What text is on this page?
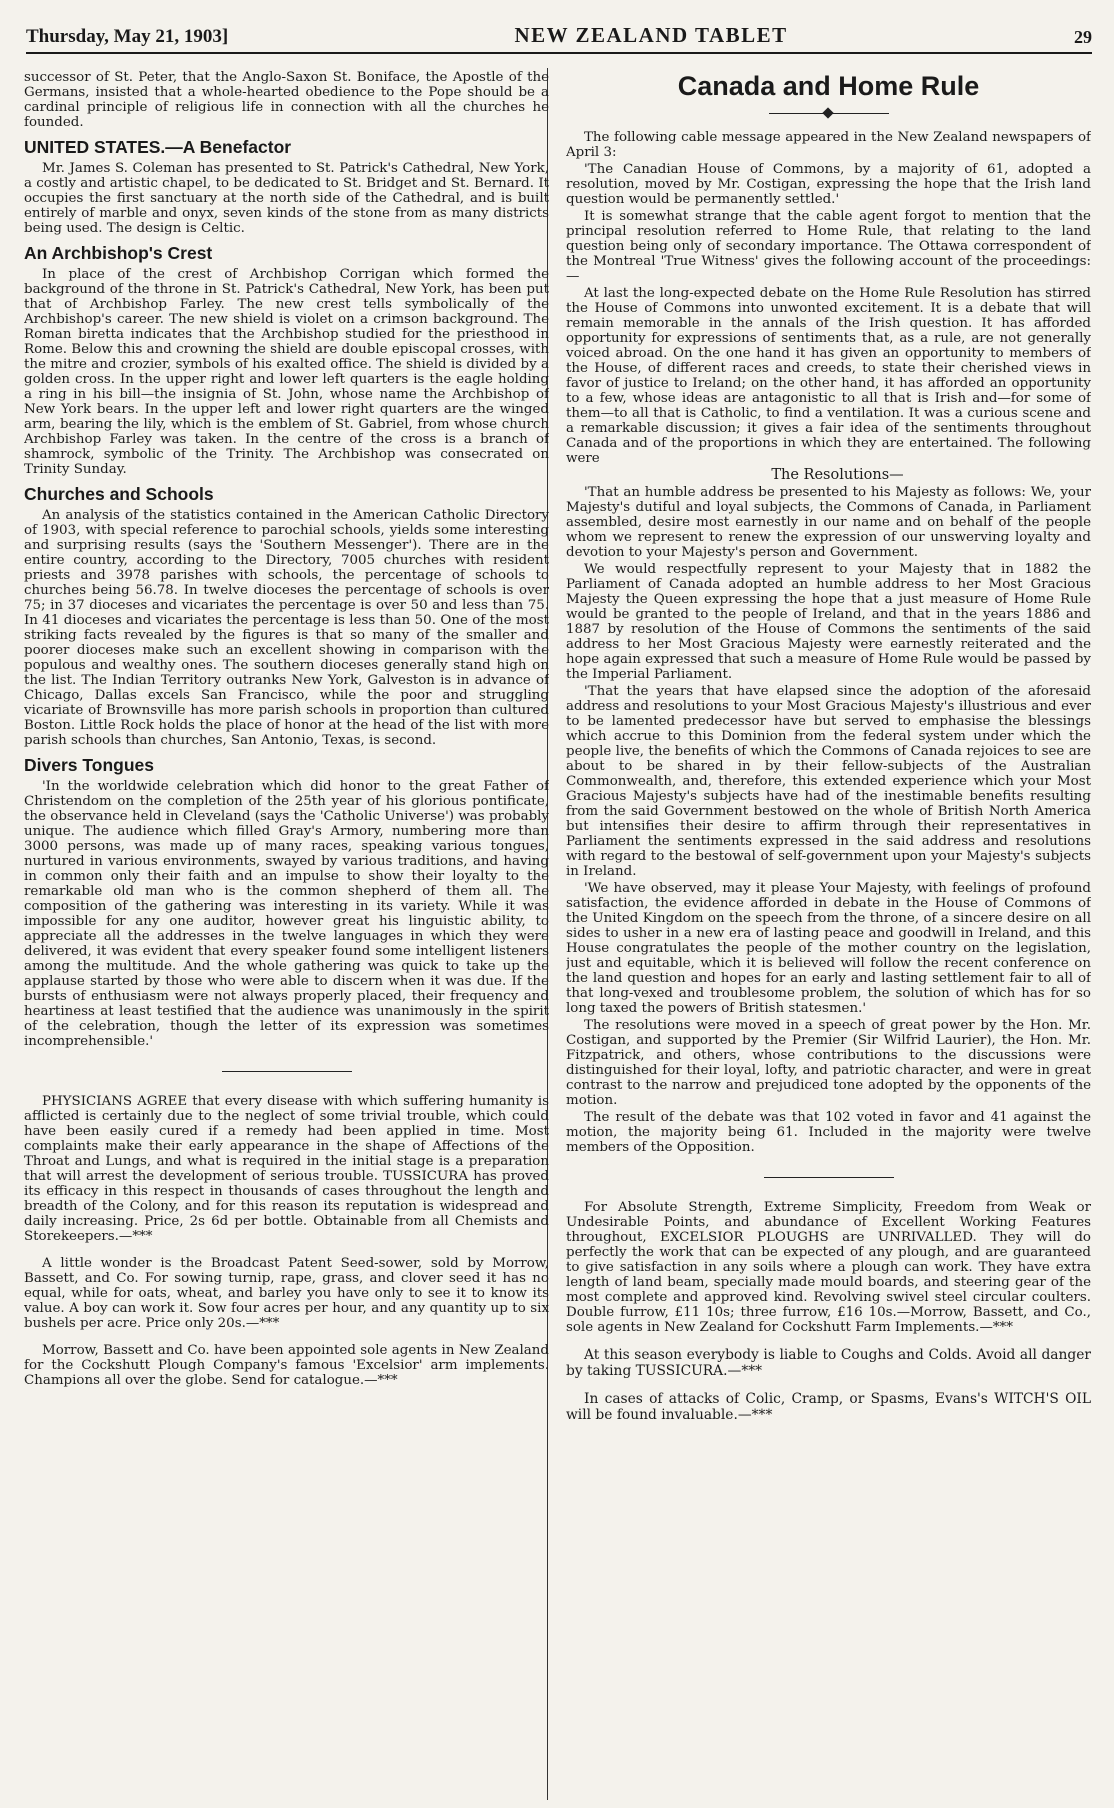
Thursday, May 21, 1903]	NEW ZEALAND TABLET	29

successor of St. Peter, that the Anglo-Saxon St. Boniface, the Apostle of the Germans, insisted that a whole-hearted obedience to the Pope should be a cardinal principle of religious life in connection with all the churches he founded.

UNITED STATES.—A Benefactor

Mr. James S. Coleman has presented to St. Patrick's Cathedral, New York, a costly and artistic chapel, to be dedicated to St. Bridget and St. Bernard. It occupies the first sanctuary at the north side of the Cathedral, and is built entirely of marble and onyx, seven kinds of the stone from as many districts being used. The design is Celtic.

An Archbishop's Crest

In place of the crest of Archbishop Corrigan which formed the background of the throne in St. Patrick's Cathedral, New York, has been put that of Archbishop Farley. The new crest tells symbolically of the Archbishop's career. The new shield is violet on a crimson background. The Roman biretta indicates that the Archbishop studied for the priesthood in Rome. Below this and crowning the shield are double episcopal crosses, with the mitre and crozier, symbols of his exalted office. The shield is divided by a golden cross. In the upper right and lower left quarters is the eagle holding a ring in his bill—the insignia of St. John, whose name the Archbishop of New York bears. In the upper left and lower right quarters are the winged arm, bearing the lily, which is the emblem of St. Gabriel, from whose church Archbishop Farley was taken. In the centre of the cross is a branch of shamrock, symbolic of the Trinity. The Archbishop was consecrated on Trinity Sunday.

Churches and Schools

An analysis of the statistics contained in the American Catholic Directory of 1903, with special reference to parochial schools, yields some interesting and surprising results (says the 'Southern Messenger'). There are in the entire country, according to the Directory, 7005 churches with resident priests and 3978 parishes with schools, the percentage of schools to churches being 56.78. In twelve dioceses the percentage of schools is over 75; in 37 dioceses and vicariates the percentage is over 50 and less than 75. In 41 dioceses and vicariates the percentage is less than 50. One of the most striking facts revealed by the figures is that so many of the smaller and poorer dioceses make such an excellent showing in comparison with the populous and wealthy ones. The southern dioceses generally stand high on the list. The Indian Territory outranks New York, Galveston is in advance of Chicago, Dallas excels San Francisco, while the poor and struggling vicariate of Brownsville has more parish schools in proportion than cultured Boston. Little Rock holds the place of honor at the head of the list with more parish schools than churches, San Antonio, Texas, is second.

Divers Tongues

'In the worldwide celebration which did honor to the great Father of Christendom on the completion of the 25th year of his glorious pontificate, the observance held in Cleveland (says the 'Catholic Universe') was probably unique. The audience which filled Gray's Armory, numbering more than 3000 persons, was made up of many races, speaking various tongues, nurtured in various environments, swayed by various traditions, and having in common only their faith and an impulse to show their loyalty to the remarkable old man who is the common shepherd of them all. The composition of the gathering was interesting in its variety. While it was impossible for any one auditor, however great his linguistic ability, to appreciate all the addresses in the twelve languages in which they were delivered, it was evident that every speaker found some intelligent listeners among the multitude. And the whole gathering was quick to take up the applause started by those who were able to discern when it was due. If the bursts of enthusiasm were not always properly placed, their frequency and heartiness at least testified that the audience was unanimously in the spirit of the celebration, though the letter of its expression was sometimes incomprehensible.'

PHYSICIANS AGREE that every disease with which suffering humanity is afflicted is certainly due to the neglect of some trivial trouble, which could have been easily cured if a remedy had been applied in time. Most complaints make their early appearance in the shape of Affections of the Throat and Lungs, and what is required in the initial stage is a preparation that will arrest the development of serious trouble. TUSSICURA has proved its efficacy in this respect in thousands of cases throughout the length and breadth of the Colony, and for this reason its reputation is widespread and daily increasing. Price, 2s 6d per bottle. Obtainable from all Chemists and Storekeepers.—***

A little wonder is the Broadcast Patent Seed-sower, sold by Morrow, Bassett, and Co. For sowing turnip, rape, grass, and clover seed it has no equal, while for oats, wheat, and barley you have only to see it to know its value. A boy can work it. Sow four acres per hour, and any quantity up to six bushels per acre. Price only 20s.—***

Morrow, Bassett and Co. have been appointed sole agents in New Zealand for the Cockshutt Plough Company's famous 'Excelsior' arm implements. Champions all over the globe. Send for catalogue.—***

Canada and Home Rule

The following cable message appeared in the New Zealand newspapers of April 3:

'The Canadian House of Commons, by a majority of 61, adopted a resolution, moved by Mr. Costigan, expressing the hope that the Irish land question would be permanently settled.'

It is somewhat strange that the cable agent forgot to mention that the principal resolution referred to Home Rule, that relating to the land question being only of secondary importance. The Ottawa correspondent of the Montreal 'True Witness' gives the following account of the proceedings:—

At last the long-expected debate on the Home Rule Resolution has stirred the House of Commons into unwonted excitement. It is a debate that will remain memorable in the annals of the Irish question. It has afforded opportunity for expressions of sentiments that, as a rule, are not generally voiced abroad. On the one hand it has given an opportunity to members of the House, of different races and creeds, to state their cherished views in favor of justice to Ireland; on the other hand, it has afforded an opportunity to a few, whose ideas are antagonistic to all that is Irish and—for some of them—to all that is Catholic, to find a ventilation. It was a curious scene and a remarkable discussion; it gives a fair idea of the sentiments throughout Canada and of the proportions in which they are entertained. The following were

The Resolutions—

'That an humble address be presented to his Majesty as follows: We, your Majesty's dutiful and loyal subjects, the Commons of Canada, in Parliament assembled, desire most earnestly in our name and on behalf of the people whom we represent to renew the expression of our unswerving loyalty and devotion to your Majesty's person and Government.

We would respectfully represent to your Majesty that in 1882 the Parliament of Canada adopted an humble address to her Most Gracious Majesty the Queen expressing the hope that a just measure of Home Rule would be granted to the people of Ireland, and that in the years 1886 and 1887 by resolution of the House of Commons the sentiments of the said address to her Most Gracious Majesty were earnestly reiterated and the hope again expressed that such a measure of Home Rule would be passed by the Imperial Parliament.

'That the years that have elapsed since the adoption of the aforesaid address and resolutions to your Most Gracious Majesty's illustrious and ever to be lamented predecessor have but served to emphasise the blessings which accrue to this Dominion from the federal system under which the people live, the benefits of which the Commons of Canada rejoices to see are about to be shared in by their fellow-subjects of the Australian Commonwealth, and, therefore, this extended experience which your Most Gracious Majesty's subjects have had of the inestimable benefits resulting from the said Government bestowed on the whole of British North America but intensifies their desire to affirm through their representatives in Parliament the sentiments expressed in the said address and resolutions with regard to the bestowal of self-government upon your Majesty's subjects in Ireland.

'We have observed, may it please Your Majesty, with feelings of profound satisfaction, the evidence afforded in debate in the House of Commons of the United Kingdom on the speech from the throne, of a sincere desire on all sides to usher in a new era of lasting peace and goodwill in Ireland, and this House congratulates the people of the mother country on the legislation, just and equitable, which it is believed will follow the recent conference on the land question and hopes for an early and lasting settlement fair to all of that long-vexed and troublesome problem, the solution of which has for so long taxed the powers of British statesmen.'

The resolutions were moved in a speech of great power by the Hon. Mr. Costigan, and supported by the Premier (Sir Wilfrid Laurier), the Hon. Mr. Fitzpatrick, and others, whose contributions to the discussions were distinguished for their loyal, lofty, and patriotic character, and were in great contrast to the narrow and prejudiced tone adopted by the opponents of the motion.

The result of the debate was that 102 voted in favor and 41 against the motion, the majority being 61. Included in the majority were twelve members of the Opposition.

For Absolute Strength, Extreme Simplicity, Freedom from Weak or Undesirable Points, and abundance of Excellent Working Features throughout, EXCELSIOR PLOUGHS are UNRIVALLED. They will do perfectly the work that can be expected of any plough, and are guaranteed to give satisfaction in any soils where a plough can work. They have extra length of land beam, specially made mould boards, and steering gear of the most complete and approved kind. Revolving swivel steel circular coulters. Double furrow, £11 10s; three furrow, £16 10s.—Morrow, Bassett, and Co., sole agents in New Zealand for Cockshutt Farm Implements.—***

At this season everybody is liable to Coughs and Colds. Avoid all danger by taking TUSSICURA.—***

In cases of attacks of Colic, Cramp, or Spasms, Evans's WITCH'S OIL will be found invaluable.—***
